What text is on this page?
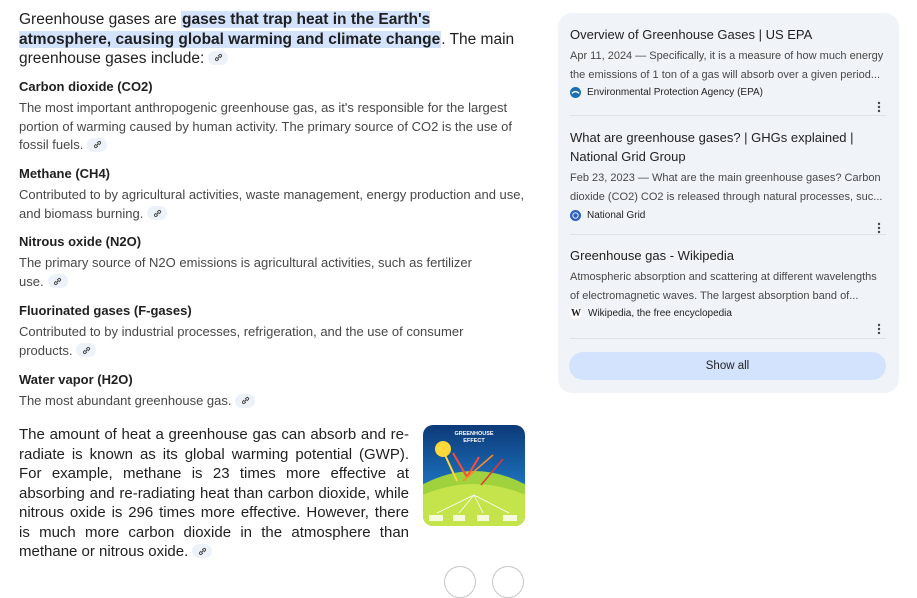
Greenhouse gases are gases that trap heat in the Earth's atmosphere, causing global warming and climate change. The main greenhouse gases include:

Carbon dioxide (CO2)

The most important anthropogenic greenhouse gas, as it's responsible for the largest portion of warming caused by human activity. The primary source of CO2 is the use of fossil fuels.

Methane (CH4)

Contributed to by agricultural activities, waste management, energy production and use, and biomass burning.

Nitrous oxide (N2O)

The primary source of N2O emissions is agricultural activities, such as fertilizer use.

Fluorinated gases (F-gases)

Contributed to by industrial processes, refrigeration, and the use of consumer products.

Water vapor (H2O)

The most abundant greenhouse gas.

The amount of heat a greenhouse gas can absorb and re-radiate is known as its global warming potential (GWP). For example, methane is 23 times more effective at absorbing and re-radiating heat than carbon dioxide, while nitrous oxide is 296 times more effective. However, there is much more carbon dioxide in the atmosphere than methane or nitrous oxide.

GREENHOUSE
EFFECT

Overview of Greenhouse Gases | US EPA

Apr 11, 2024 — Specifically, it is a measure of how much energy

the emissions of 1 ton of a gas will absorb over a given period...

Environmental Protection Agency (EPA)

What are greenhouse gases? | GHGs explained | National Grid Group

Feb 23, 2023 — What are the main greenhouse gases? Carbon

dioxide (CO2) CO2 is released through natural processes, suc...

National Grid

Greenhouse gas - Wikipedia

Atmospheric absorption and scattering at different wavelengths

of electromagnetic waves. The largest absorption band of...

W Wikipedia, the free encyclopedia
Show all
